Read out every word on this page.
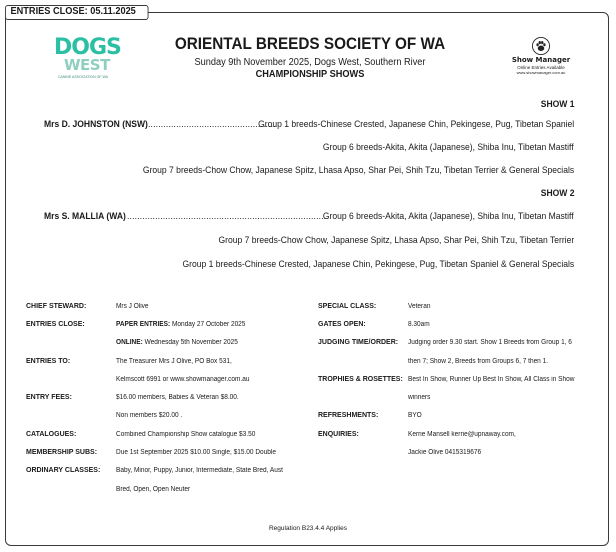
ENTRIES CLOSE: 05.11.2025
DOGS
WEST
CANINE ASSOCIATION OF WA
Show Manager
Online Entries Available
www.showmanager.com.au
ORIENTAL BREEDS SOCIETY OF WA
Sunday 9th November 2025, Dogs West, Southern River
CHAMPIONSHIP SHOWS
SHOW 1
Mrs D. JOHNSTON (NSW) ..................................................
Group 1 breeds-Chinese Crested, Japanese Chin, Pekingese, Pug, Tibetan Spaniel
Group 6 breeds-Akita, Akita (Japanese), Shiba Inu, Tibetan Mastiff
Group 7 breeds-Chow Chow, Japanese Spitz, Lhasa Apso, Shar Pei, Shih Tzu, Tibetan Terrier & General Specials
SHOW 2
Mrs S. MALLIA (WA) ..............................................................................
Group 6 breeds-Akita, Akita (Japanese), Shiba Inu, Tibetan Mastiff
Group 7 breeds-Chow Chow, Japanese Spitz, Lhasa Apso, Shar Pei, Shih Tzu, Tibetan Terrier
Group 1 breeds-Chinese Crested, Japanese Chin, Pekingese, Pug, Tibetan Spaniel & General Specials
CHIEF STEWARD:	Mrs J Olive
ENTRIES CLOSE:	PAPER ENTRIES: Monday 27 October 2025
ONLINE: Wednesday 5th November 2025
ENTRIES TO:	The Treasurer Mrs J Olive, PO Box 531,
Kelmscott 6991 or www.showmanager.com.au
ENTRY FEES:	$16.00 members, Babies & Veteran $8.00.
Non members $20.00 .
CATALOGUES:	Combined Championship Show catalogue $3.50
MEMBERSHIP SUBS:	Due 1st September 2025 $10.00 Single, $15.00 Double
ORDINARY CLASSES: Baby, Minor, Puppy, Junior, Intermediate, State Bred, Aust
Bred, Open, Open Neuter
SPECIAL CLASS:	Veteran
GATES OPEN:	8.30am
JUDGING TIME/ORDER: Judging order 9.30 start. Show 1 Breeds from Group 1, 6
then 7; Show 2, Breeds from Groups 6, 7 then 1.
TROPHIES & ROSETTES: Best In Show, Runner Up Best In Show, All Class in Show
winners
REFRESHMENTS:	BYO
ENQUIRIES:	Kerrie Mansell kerrie@upnaway.com,
Jackie Olive 0415319676
Regulation B23.4.4 Applies
